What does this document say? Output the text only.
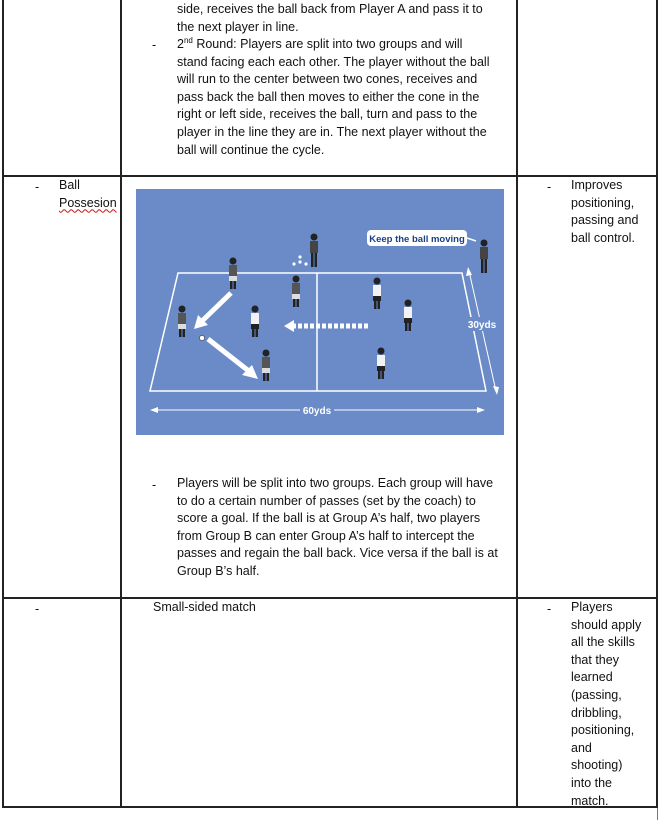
side, receives the ball back from Player A and pass it to
the next player in line.
- 2nd Round: Players are split into two groups and will
stand facing each each other. The player without the ball
will run to the center between two cones, receives and
pass back the ball then moves to either the cone in the
right or left side, receives the ball, turn and pass to the
player in the line they are in. The next player without the
ball will continue the cycle.
- Ball
Possesion
60yds
30yds
Keep the ball moving
- Players will be split into two groups. Each group will have
to do a certain number of passes (set by the coach) to
score a goal. If the ball is at Group A’s half, two players
from Group B can enter Group A’s half to intercept the
passes and regain the ball back. Vice versa if the ball is at
Group B’s half.
- Improves
positioning,
passing and
ball control.
-	Small-sided match	- Players
should apply
all the skills
that they
learned
(passing,
dribbling,
positioning,
and
shooting)
into the
match.
